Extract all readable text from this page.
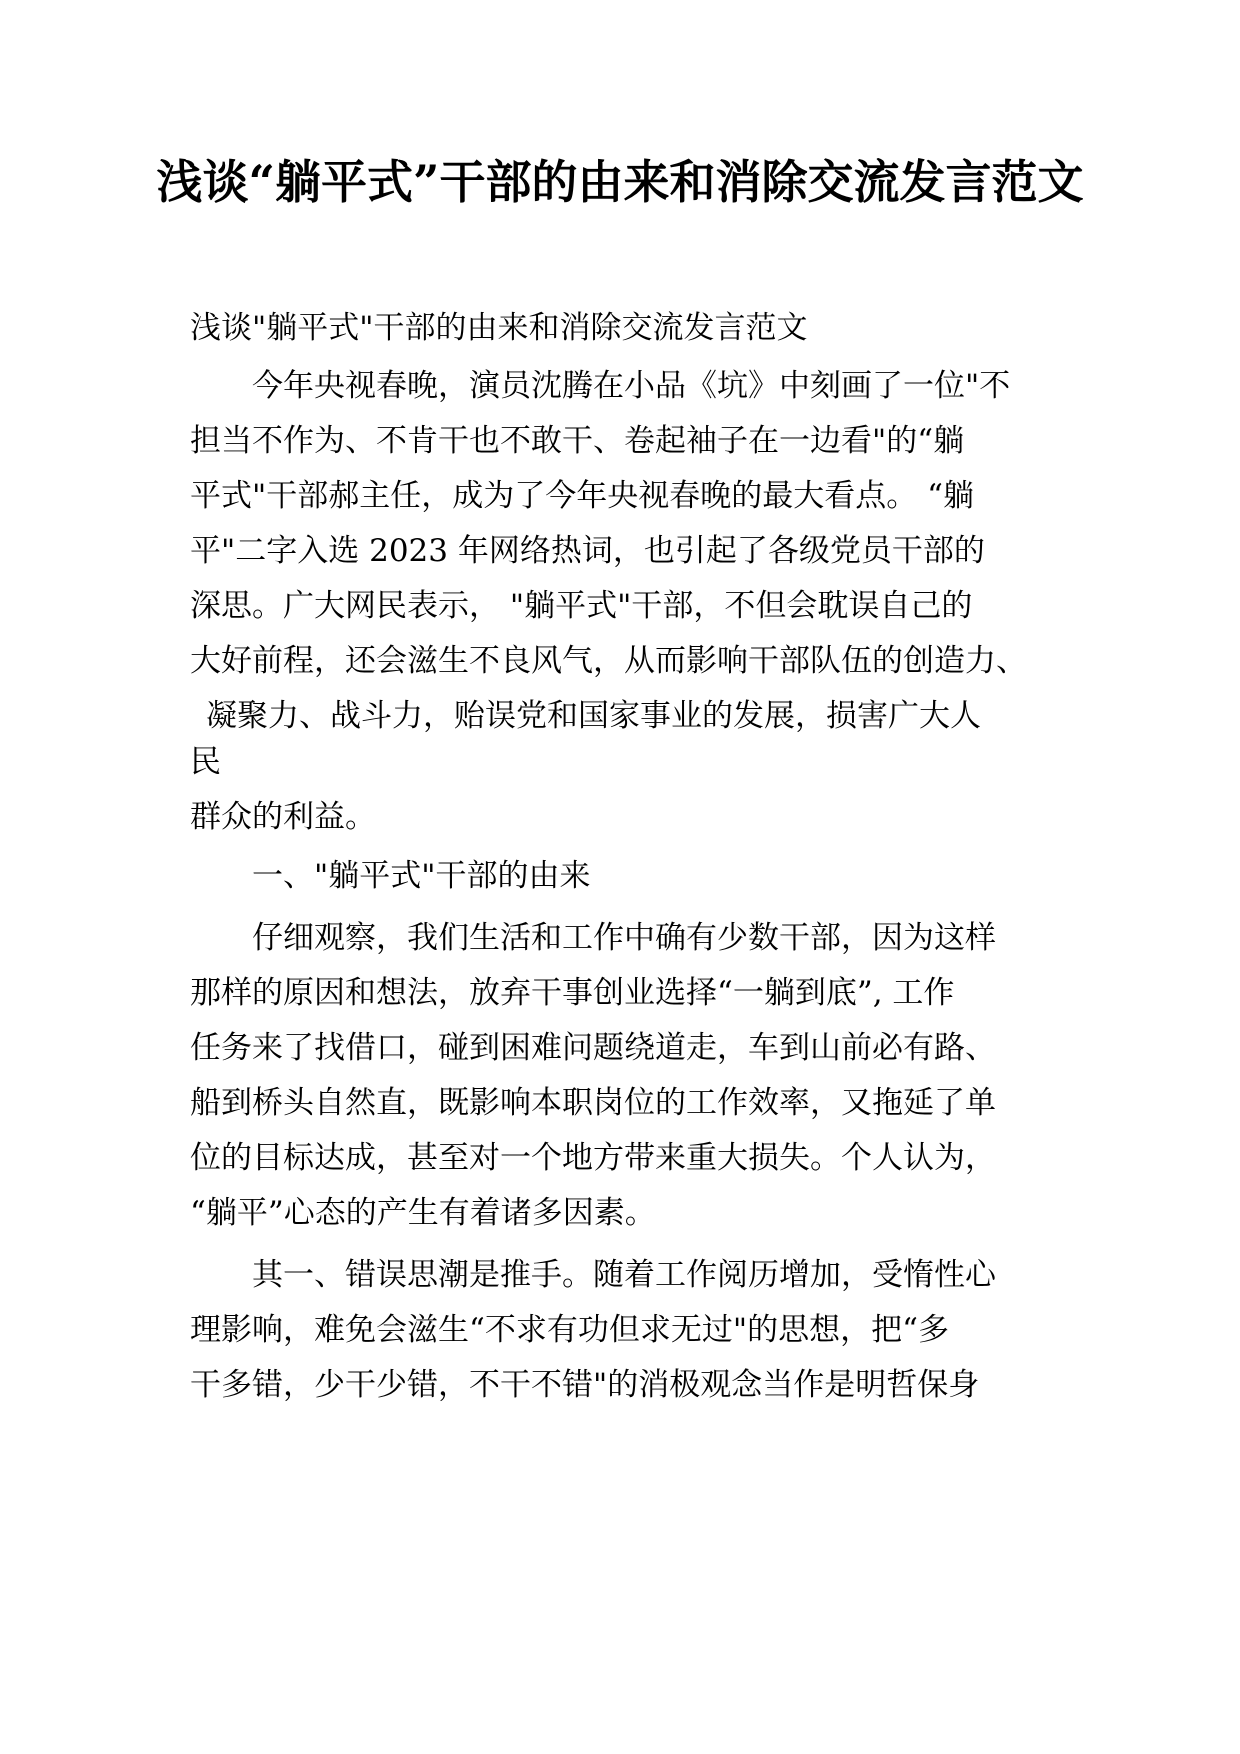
浅谈“躺平式”干部的由来和消除交流发言范文

浅谈"躺平式"干部的由来和消除交流发言范文

今年央视春晚，演员沈腾在小品《坑》中刻画了一位"不

担当不作为、不肯干也不敢干、卷起袖子在一边看"的“躺

平式"干部郝主任，成为了今年央视春晚的最大看点。 “躺

平"二字入选 2023 年网络热词，也引起了各级党员干部的

深思。广大网民表示， "躺平式"干部，不但会耽误自己的

大好前程，还会滋生不良风气，从而影响干部队伍的创造力、

凝聚力、战斗力，贻误党和国家事业的发展，损害广大人

民

群众的利益。

一、"躺平式"干部的由来

仔细观察，我们生活和工作中确有少数干部，因为这样

那样的原因和想法，放弃干事创业选择“一躺到底”, 工作

任务来了找借口，碰到困难问题绕道走，车到山前必有路、

船到桥头自然直，既影响本职岗位的工作效率，又拖延了单

位的目标达成，甚至对一个地方带来重大损失。个人认为，

“躺平”心态的产生有着诸多因素。

其一、错误思潮是推手。随着工作阅历增加，受惰性心

理影响，难免会滋生“不求有功但求无过"的思想，把“多

干多错，少干少错，不干不错"的消极观念当作是明哲保身
